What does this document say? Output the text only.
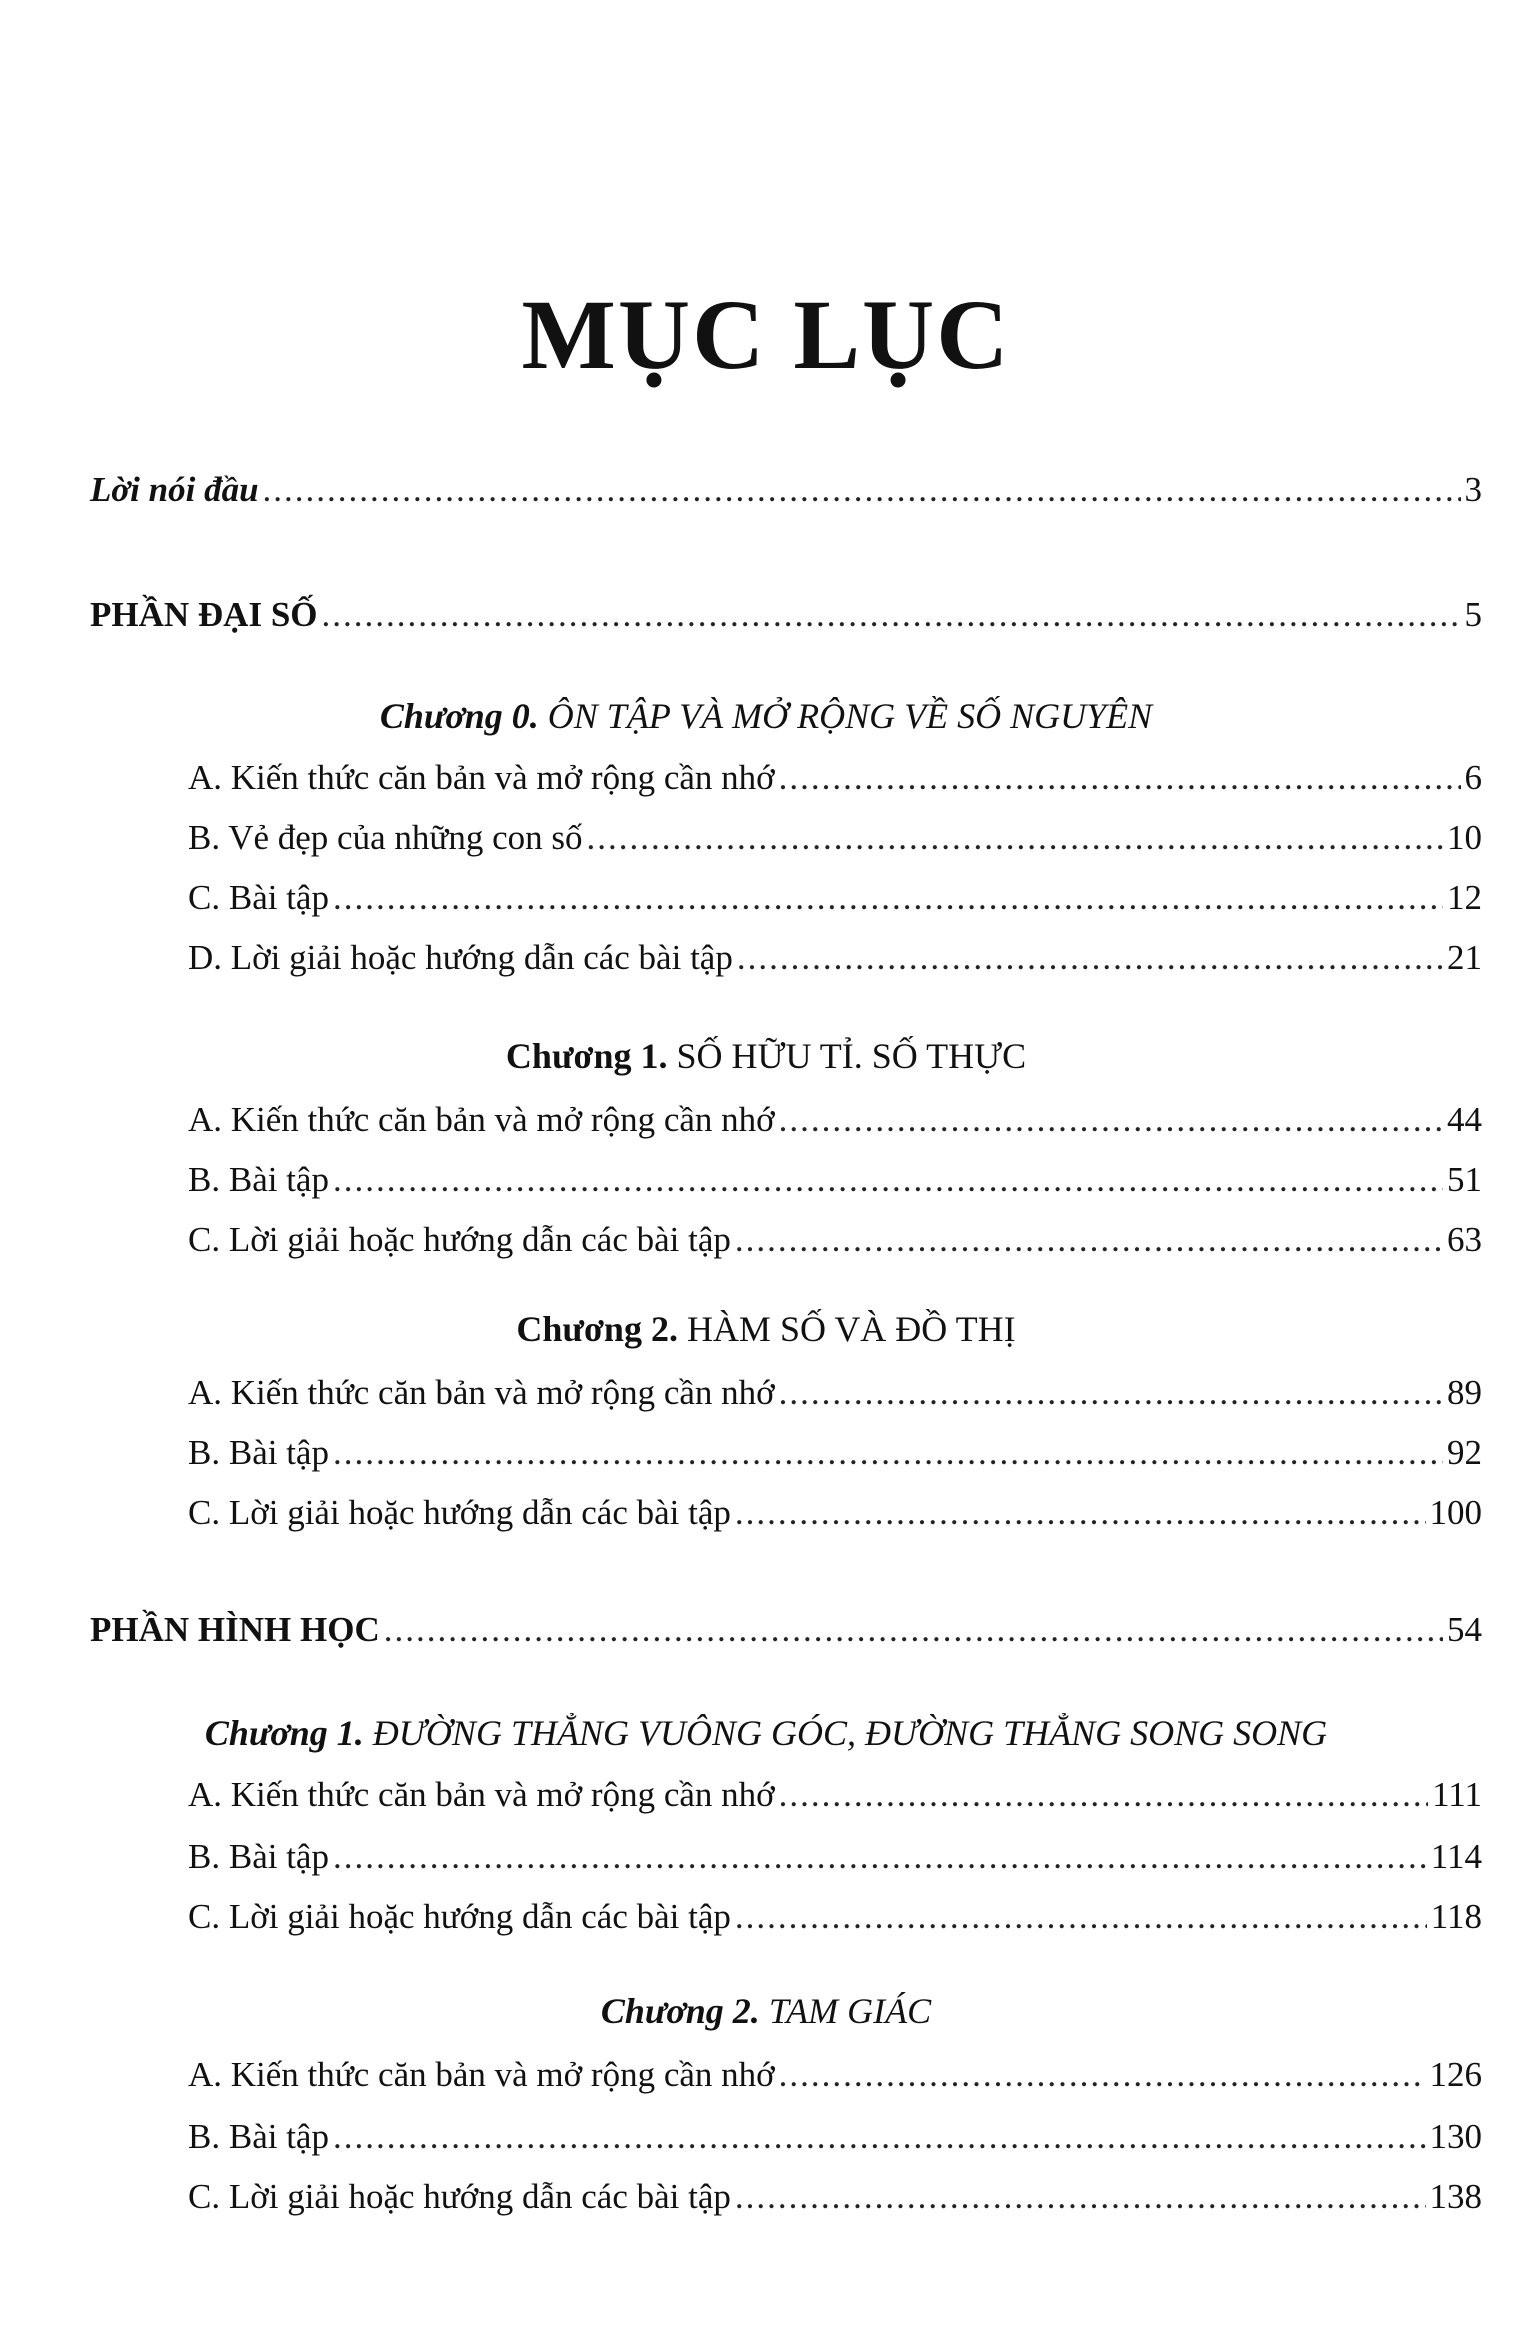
MỤC LỤC
Lời nói đầu .....	3
PHẦN ĐẠI SỐ .....	5
Chương 0. ÔN TẬP VÀ MỞ RỘNG VỀ SỐ NGUYÊN
A. Kiến thức căn bản và mở rộng cần nhớ .....	6
B. Vẻ đẹp của những con số .....	10
C. Bài tập .....	12
D. Lời giải hoặc hướng dẫn các bài tập .....	21
Chương 1. SỐ HỮU TỈ. SỐ THỰC
A. Kiến thức căn bản và mở rộng cần nhớ .....	44
B. Bài tập .....	51
C. Lời giải hoặc hướng dẫn các bài tập .....	63
Chương 2. HÀM SỐ VÀ ĐỒ THỊ
A. Kiến thức căn bản và mở rộng cần nhớ .....	89
B. Bài tập .....	92
C. Lời giải hoặc hướng dẫn các bài tập .....	100
PHẦN HÌNH HỌC .....	54
Chương 1. ĐƯỜNG THẲNG VUÔNG GÓC, ĐƯỜNG THẲNG SONG SONG
A. Kiến thức căn bản và mở rộng cần nhớ .....	111
B. Bài tập .....	114
C. Lời giải hoặc hướng dẫn các bài tập .....	118
Chương 2. TAM GIÁC
A. Kiến thức căn bản và mở rộng cần nhớ .....	126
B. Bài tập .....	130
C. Lời giải hoặc hướng dẫn các bài tập .....	138
